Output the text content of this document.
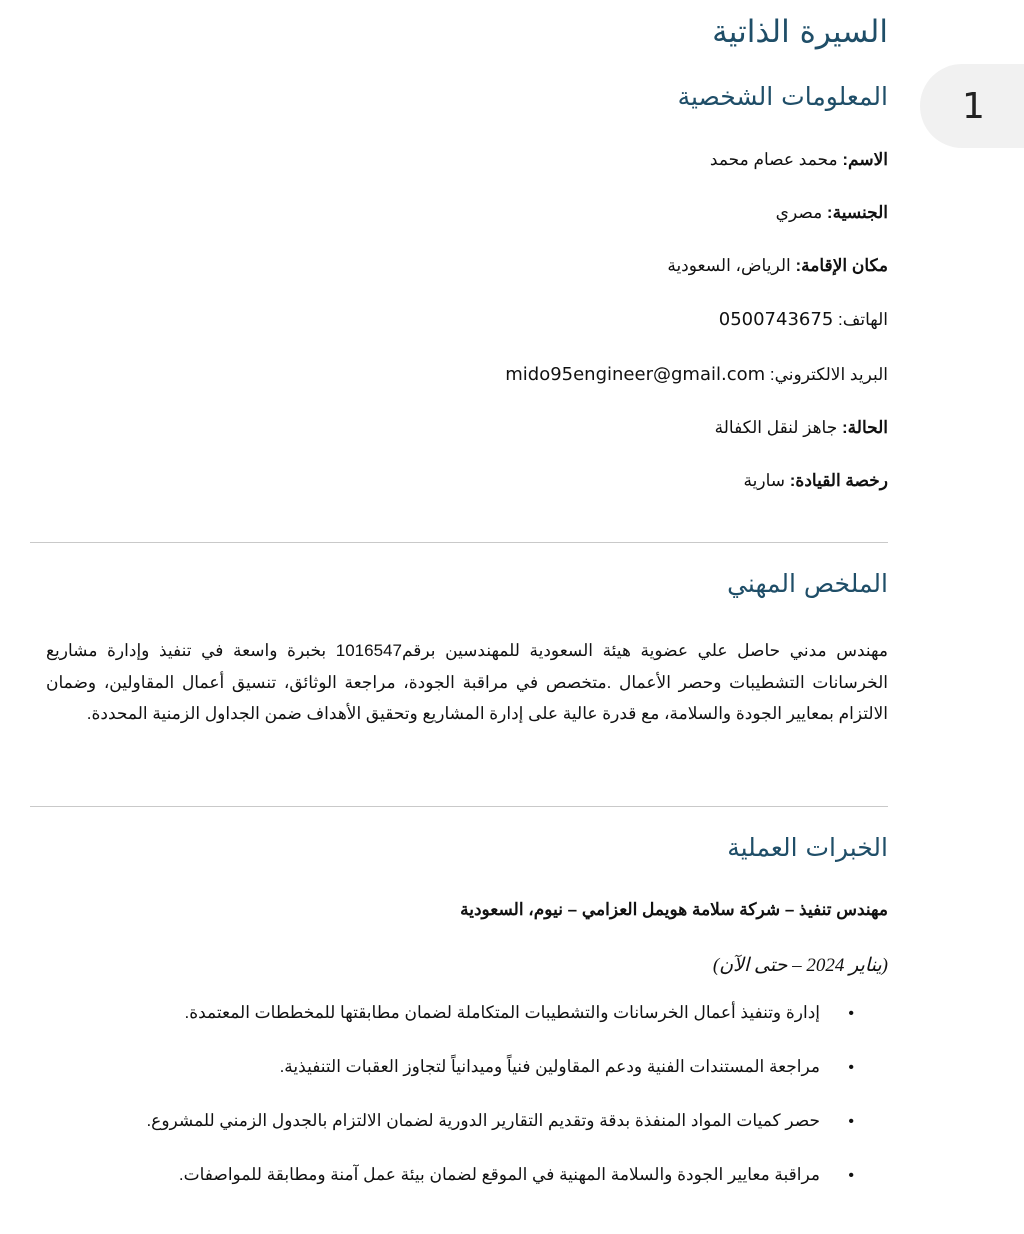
1
السيرة الذاتية
المعلومات الشخصية
الاسم: محمد عصام محمد
الجنسية: مصري
مكان الإقامة: الرياض، السعودية
الهاتف: 0500743675
البريد الالكتروني: mido95engineer@gmail.com
الحالة: جاهز لنقل الكفالة
رخصة القيادة: سارية
الملخص المهني

مهندس مدني حاصل علي عضوية هيئة السعودية للمهندسين برقم1016547 بخبرة واسعة في تنفيذ وإدارة مشاريع الخرسانات التشطيبات وحصر الأعمال .متخصص في مراقبة الجودة، مراجعة الوثائق، تنسيق أعمال المقاولين، وضمان الالتزام بمعايير الجودة والسلامة، مع قدرة عالية على إدارة المشاريع وتحقيق الأهداف ضمن الجداول الزمنية المحددة.

الخبرات العملية
مهندس تنفيذ – شركة سلامة هويمل العزامي – نيوم، السعودية
(يناير 2024 – حتى الآن)
•
إدارة وتنفيذ أعمال الخرسانات والتشطيبات المتكاملة لضمان مطابقتها للمخططات المعتمدة.
•
مراجعة المستندات الفنية ودعم المقاولين فنياً وميدانياً لتجاوز العقبات التنفيذية.
•
حصر كميات المواد المنفذة بدقة وتقديم التقارير الدورية لضمان الالتزام بالجدول الزمني للمشروع.
•
مراقبة معايير الجودة والسلامة المهنية في الموقع لضمان بيئة عمل آمنة ومطابقة للمواصفات.
